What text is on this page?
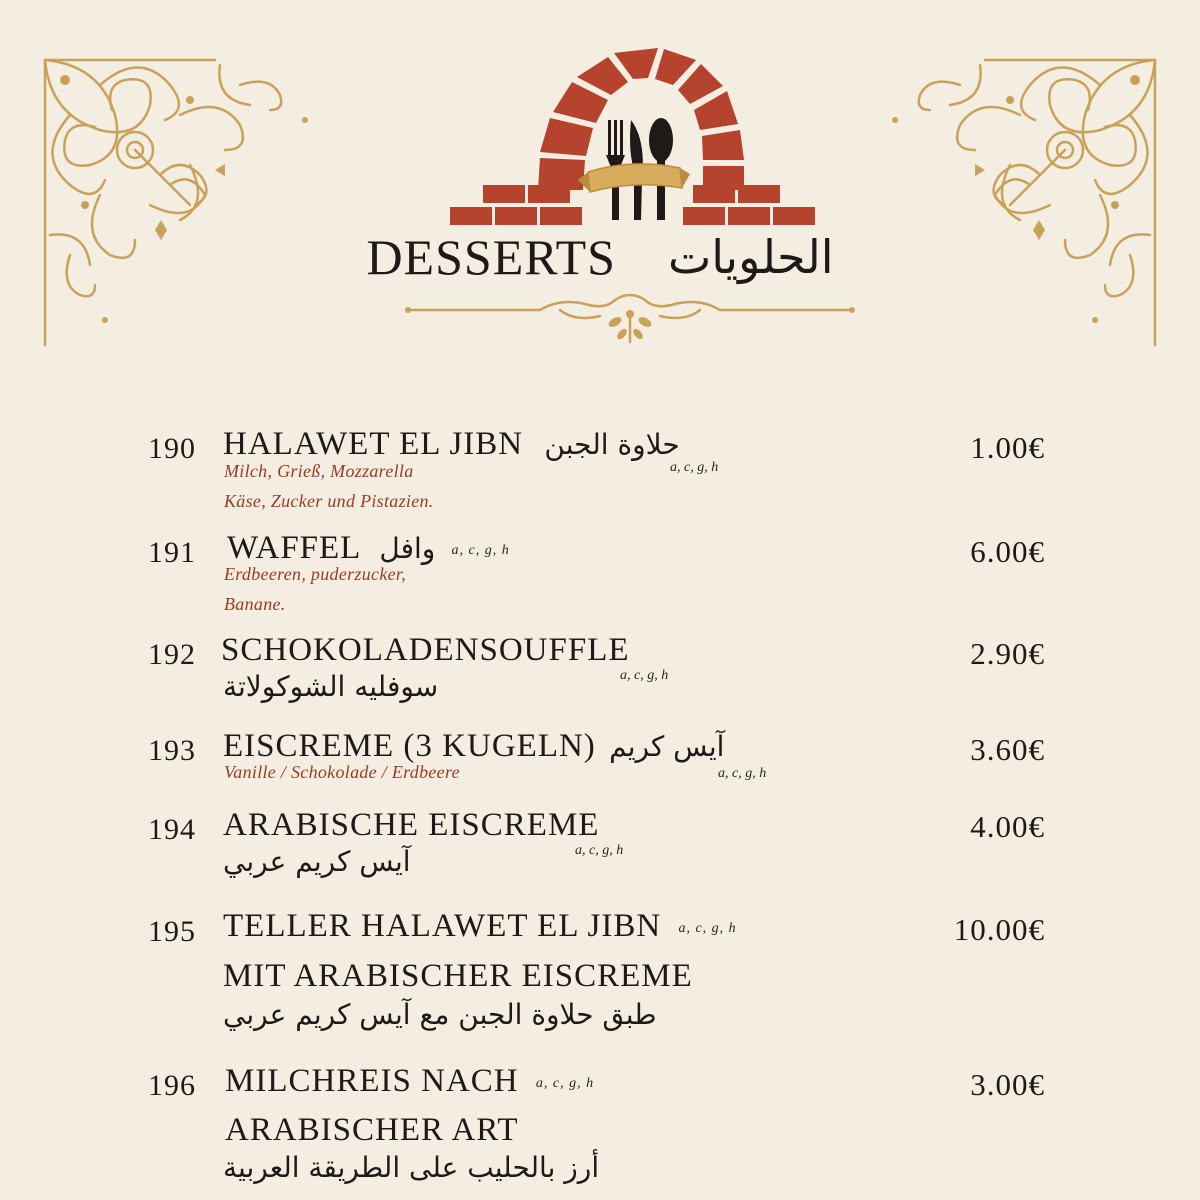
DESSERTS الحلويات
190 HALAWET EL JIBN حلاوة الجبن
a, c, g, h
Milch, Grieß, Mozzarella
Käse, Zucker und Pistazien.
1.00€
191 WAFFEL وافل a, c, g, h
Erdbeeren, puderzucker,
Banane.
6.00€
192 SCHOKOLADENSOUFFLE
a, c, g, h
سوفليه الشوكولاتة
2.90€
193 EISCREME (3 KUGELN) آيس كريم
Vanille / Schokolade / Erdbeere	a, c, g, h
3.60€
194 ARABISCHE EISCREME
a, c, g, h
آيس كريم عربي
4.00€
195 TELLER HALAWET EL JIBN a, c, g, h
MIT ARABISCHER EISCREME
طبق حلاوة الجبن مع آيس كريم عربي
10.00€
196 MILCHREIS NACH a, c, g, h
ARABISCHER ART
أرز بالحليب على الطريقة العربية
3.00€
